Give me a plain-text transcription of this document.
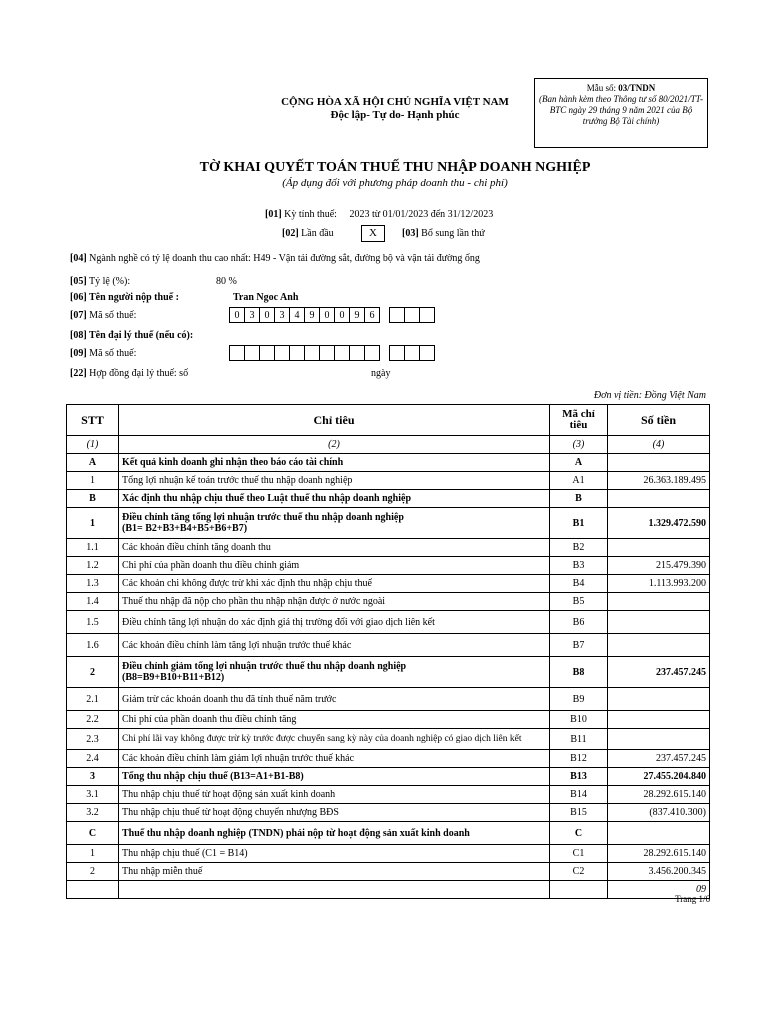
CỘNG HÒA XÃ HỘI CHỦ NGHĨA VIỆT NAM
Độc lập- Tự do- Hạnh phúc
Mẫu số: 03/TNDN
(Ban hành kèm theo Thông tư số 80/2021/TT-BTC ngày 29 tháng 9 năm 2021 của Bộ trưởng Bộ Tài chính)
TỜ KHAI QUYẾT TOÁN THUẾ THU NHẬP DOANH NGHIỆP
(Áp dụng đối với phương pháp doanh thu - chi phí)
[01] Kỳ tính thuế: 2023 từ 01/01/2023 đến 31/12/2023
[02] Lần đầu	X	[03] Bổ sung lần thứ
[04] Ngành nghề có tỷ lệ doanh thu cao nhất: H49 - Vận tải đường sắt, đường bộ và vận tải đường ống
[05] Tỷ lệ (%):	80 %
[06] Tên người nộp thuế :	Tran Ngoc Anh
[07] Mã số thuế:	0	3	0	3	4	9	0	0	9	6
[08] Tên đại lý thuế (nếu có):
[09] Mã số thuế:
[22] Hợp đồng đại lý thuế: số	ngày
Đơn vị tiền: Đồng Việt Nam
STT	Chỉ tiêu	Mã chỉ tiêu	Số tiền
(1)	(2)	(3)	(4)
A	Kết quả kinh doanh ghi nhận theo báo cáo tài chính	A	
1	Tổng lợi nhuận kế toán trước thuế thu nhập doanh nghiệp	A1	26.363.189.495
B	Xác định thu nhập chịu thuế theo Luật thuế thu nhập doanh nghiệp	B	
1	Điều chỉnh tăng tổng lợi nhuận trước thuế thu nhập doanh nghiệp
(B1= B2+B3+B4+B5+B6+B7)	B1	1.329.472.590
1.1	Các khoản điều chỉnh tăng doanh thu	B2	
1.2	Chi phí của phần doanh thu điều chỉnh giảm	B3	215.479.390
1.3	Các khoản chi không được trừ khi xác định thu nhập chịu thuế	B4	1.113.993.200
1.4	Thuế thu nhập đã nộp cho phần thu nhập nhận được ở nước ngoài	B5	
1.5	Điều chỉnh tăng lợi nhuận do xác định giá thị trường đối với giao dịch liên kết	B6	
1.6	Các khoản điều chỉnh làm tăng lợi nhuận trước thuế khác	B7	
2	Điều chỉnh giảm tổng lợi nhuận trước thuế thu nhập doanh nghiệp
(B8=B9+B10+B11+B12)	B8	237.457.245
2.1	Giảm trừ các khoản doanh thu đã tính thuế năm trước	B9	
2.2	Chi phí của phần doanh thu điều chỉnh tăng	B10	
2.3	Chi phí lãi vay không được trừ kỳ trước được chuyển sang kỳ này của doanh nghiệp có giao dịch liên kết	B11	
2.4	Các khoản điều chỉnh làm giảm lợi nhuận trước thuế khác	B12	237.457.245
3	Tổng thu nhập chịu thuế (B13=A1+B1-B8)	B13	27.455.204.840
3.1	Thu nhập chịu thuế từ hoạt động sản xuất kinh doanh	B14	28.292.615.140
3.2	Thu nhập chịu thuế từ hoạt động chuyển nhượng BĐS	B15	(837.410.300)
C	Thuế thu nhập doanh nghiệp (TNDN) phải nộp từ hoạt động sản xuất kinh doanh	C	
1	Thu nhập chịu thuế (C1 = B14)	C1	28.292.615.140
2	Thu nhập miễn thuế	C2	3.456.200.345
			09
Trang 1/6
